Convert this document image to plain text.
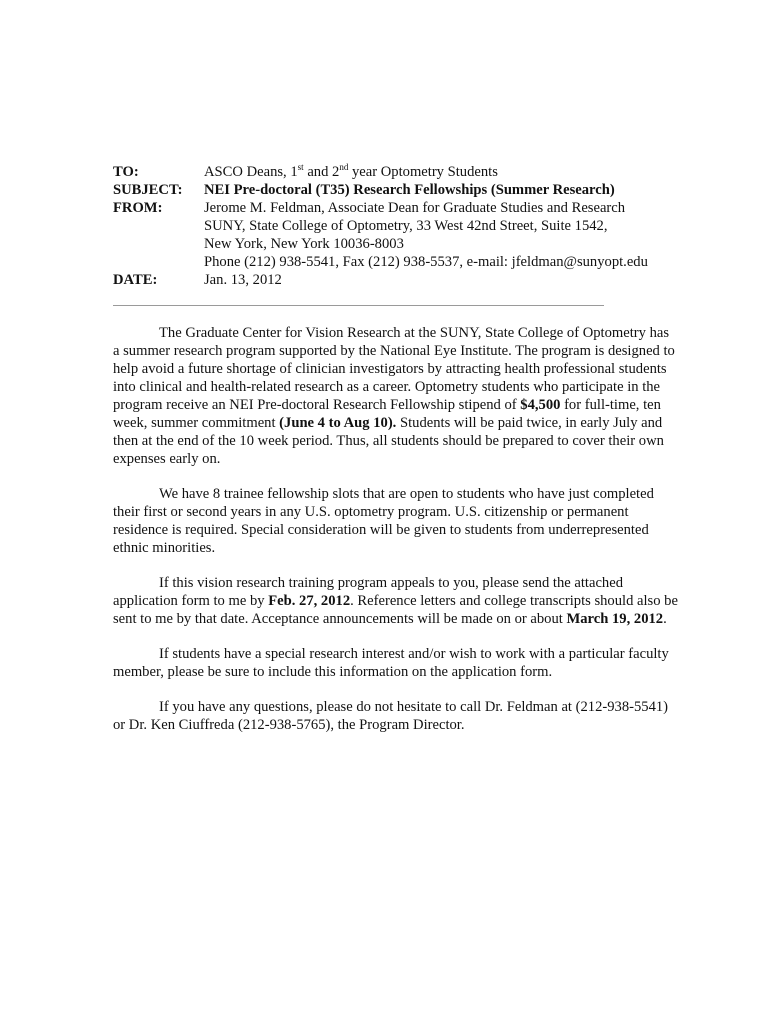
TO:	ASCO Deans, 1st and 2nd year Optometry Students
SUBJECT:	NEI Pre-doctoral (T35) Research Fellowships (Summer Research)
FROM:	Jerome M. Feldman, Associate Dean for Graduate Studies and Research
SUNY, State College of Optometry, 33 West 42nd Street, Suite 1542,
New York, New York 10036-8003
Phone (212) 938-5541, Fax (212) 938-5537, e-mail: jfeldman@sunyopt.edu
DATE:	Jan. 13, 2012
The Graduate Center for Vision Research at the SUNY, State College of Optometry has
a summer research program supported by the National Eye Institute. The program is designed to
help avoid a future shortage of clinician investigators by attracting health professional students
into clinical and health-related research as a career. Optometry students who participate in the
program receive an NEI Pre-doctoral Research Fellowship stipend of $4,500 for full-time, ten
week, summer commitment (June 4 to Aug 10). Students will be paid twice, in early July and
then at the end of the 10 week period. Thus, all students should be prepared to cover their own
expenses early on.
We have 8 trainee fellowship slots that are open to students who have just completed
their first or second years in any U.S. optometry program. U.S. citizenship or permanent
residence is required. Special consideration will be given to students from underrepresented
ethnic minorities.
If this vision research training program appeals to you, please send the attached
application form to me by Feb. 27, 2012. Reference letters and college transcripts should also be
sent to me by that date. Acceptance announcements will be made on or about March 19, 2012.
If students have a special research interest and/or wish to work with a particular faculty
member, please be sure to include this information on the application form.
If you have any questions, please do not hesitate to call Dr. Feldman at (212-938-5541)
or Dr. Ken Ciuffreda (212-938-5765), the Program Director.
